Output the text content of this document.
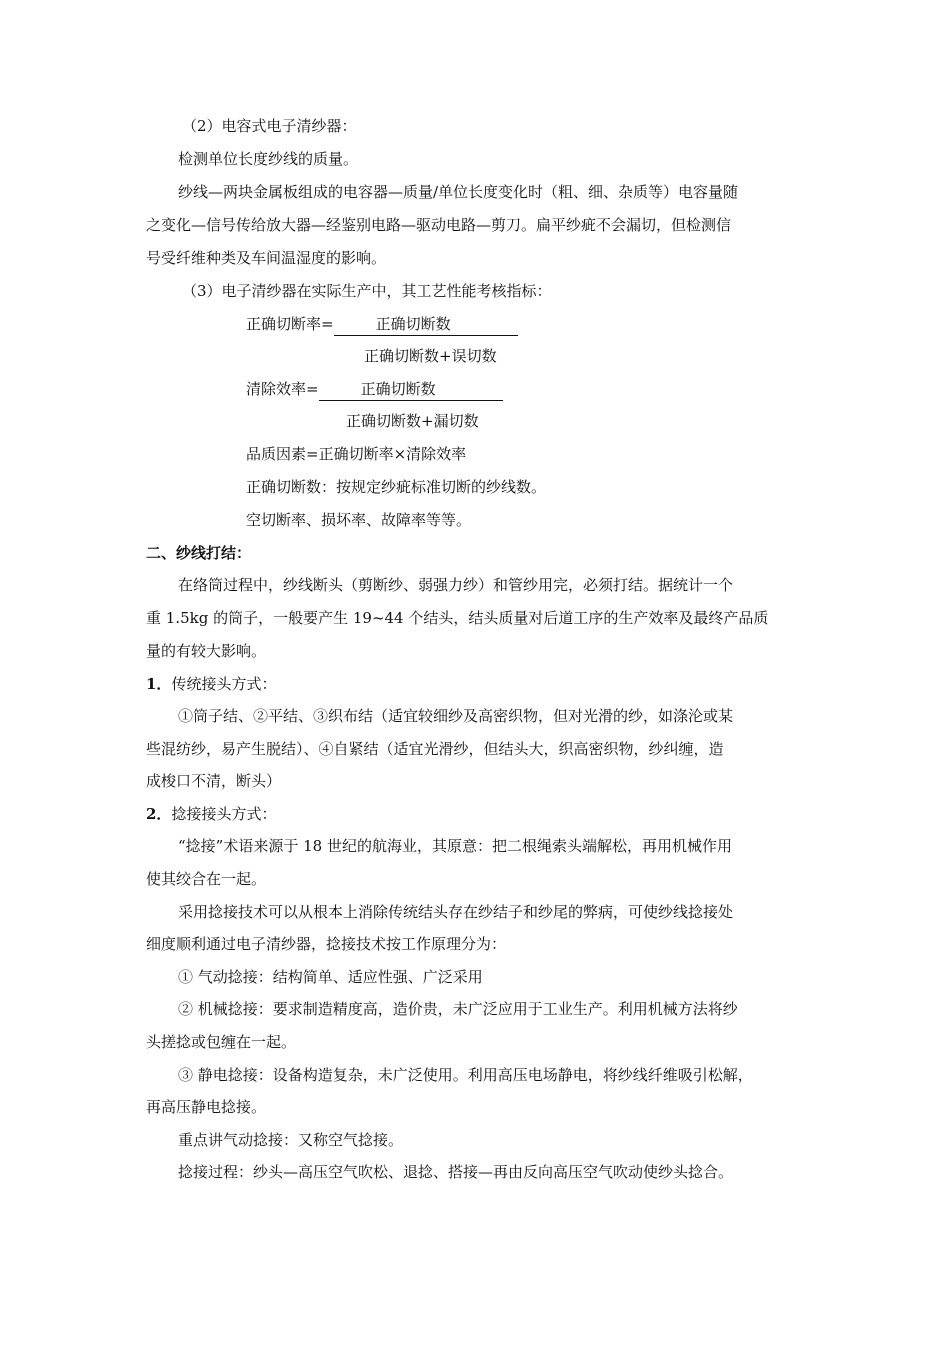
（2）电容式电子清纱器：
检测单位长度纱线的质量。
纱线—两块金属板组成的电容器—质量/单位长度变化时（粗、细、杂质等）电容量随
之变化—信号传给放大器—经鉴别电路—驱动电路—剪刀。扁平纱疵不会漏切，但检测信
号受纤维种类及车间温湿度的影响。
（3）电子清纱器在实际生产中，其工艺性能考核指标：
正确切断率=	正确切断数
正确切断数+误切数
清除效率=	正确切断数
正确切断数+漏切数
品质因素=正确切断率×清除效率
正确切断数：按规定纱疵标准切断的纱线数。
空切断率、损坏率、故障率等等。
二、纱线打结：
在络筒过程中，纱线断头（剪断纱、弱强力纱）和管纱用完，必须打结。据统计一个
重 1.5kg 的筒子，一般要产生 19~44 个结头，结头质量对后道工序的生产效率及最终产品质
量的有较大影响。
1．传统接头方式：
①筒子结、②平结、③织布结（适宜较细纱及高密织物，但对光滑的纱，如涤沦或某
些混纺纱，易产生脱结）、④自紧结（适宜光滑纱，但结头大，织高密织物，纱纠缠，造
成梭口不清，断头）
2．捻接接头方式：
“捻接”术语来源于 18 世纪的航海业，其原意：把二根绳索头端解松，再用机械作用
使其绞合在一起。
采用捻接技术可以从根本上消除传统结头存在纱结子和纱尾的弊病，可使纱线捻接处
细度顺利通过电子清纱器，捻接技术按工作原理分为：
① 气动捻接：结构简单、适应性强、广泛采用
② 机械捻接：要求制造精度高，造价贵，未广泛应用于工业生产。利用机械方法将纱
头搓捻或包缠在一起。
③ 静电捻接：设备构造复杂，未广泛使用。利用高压电场静电，将纱线纤维吸引松解，
再高压静电捻接。
重点讲气动捻接：又称空气捻接。
捻接过程：纱头—高压空气吹松、退捻、搭接—再由反向高压空气吹动使纱头捻合。
